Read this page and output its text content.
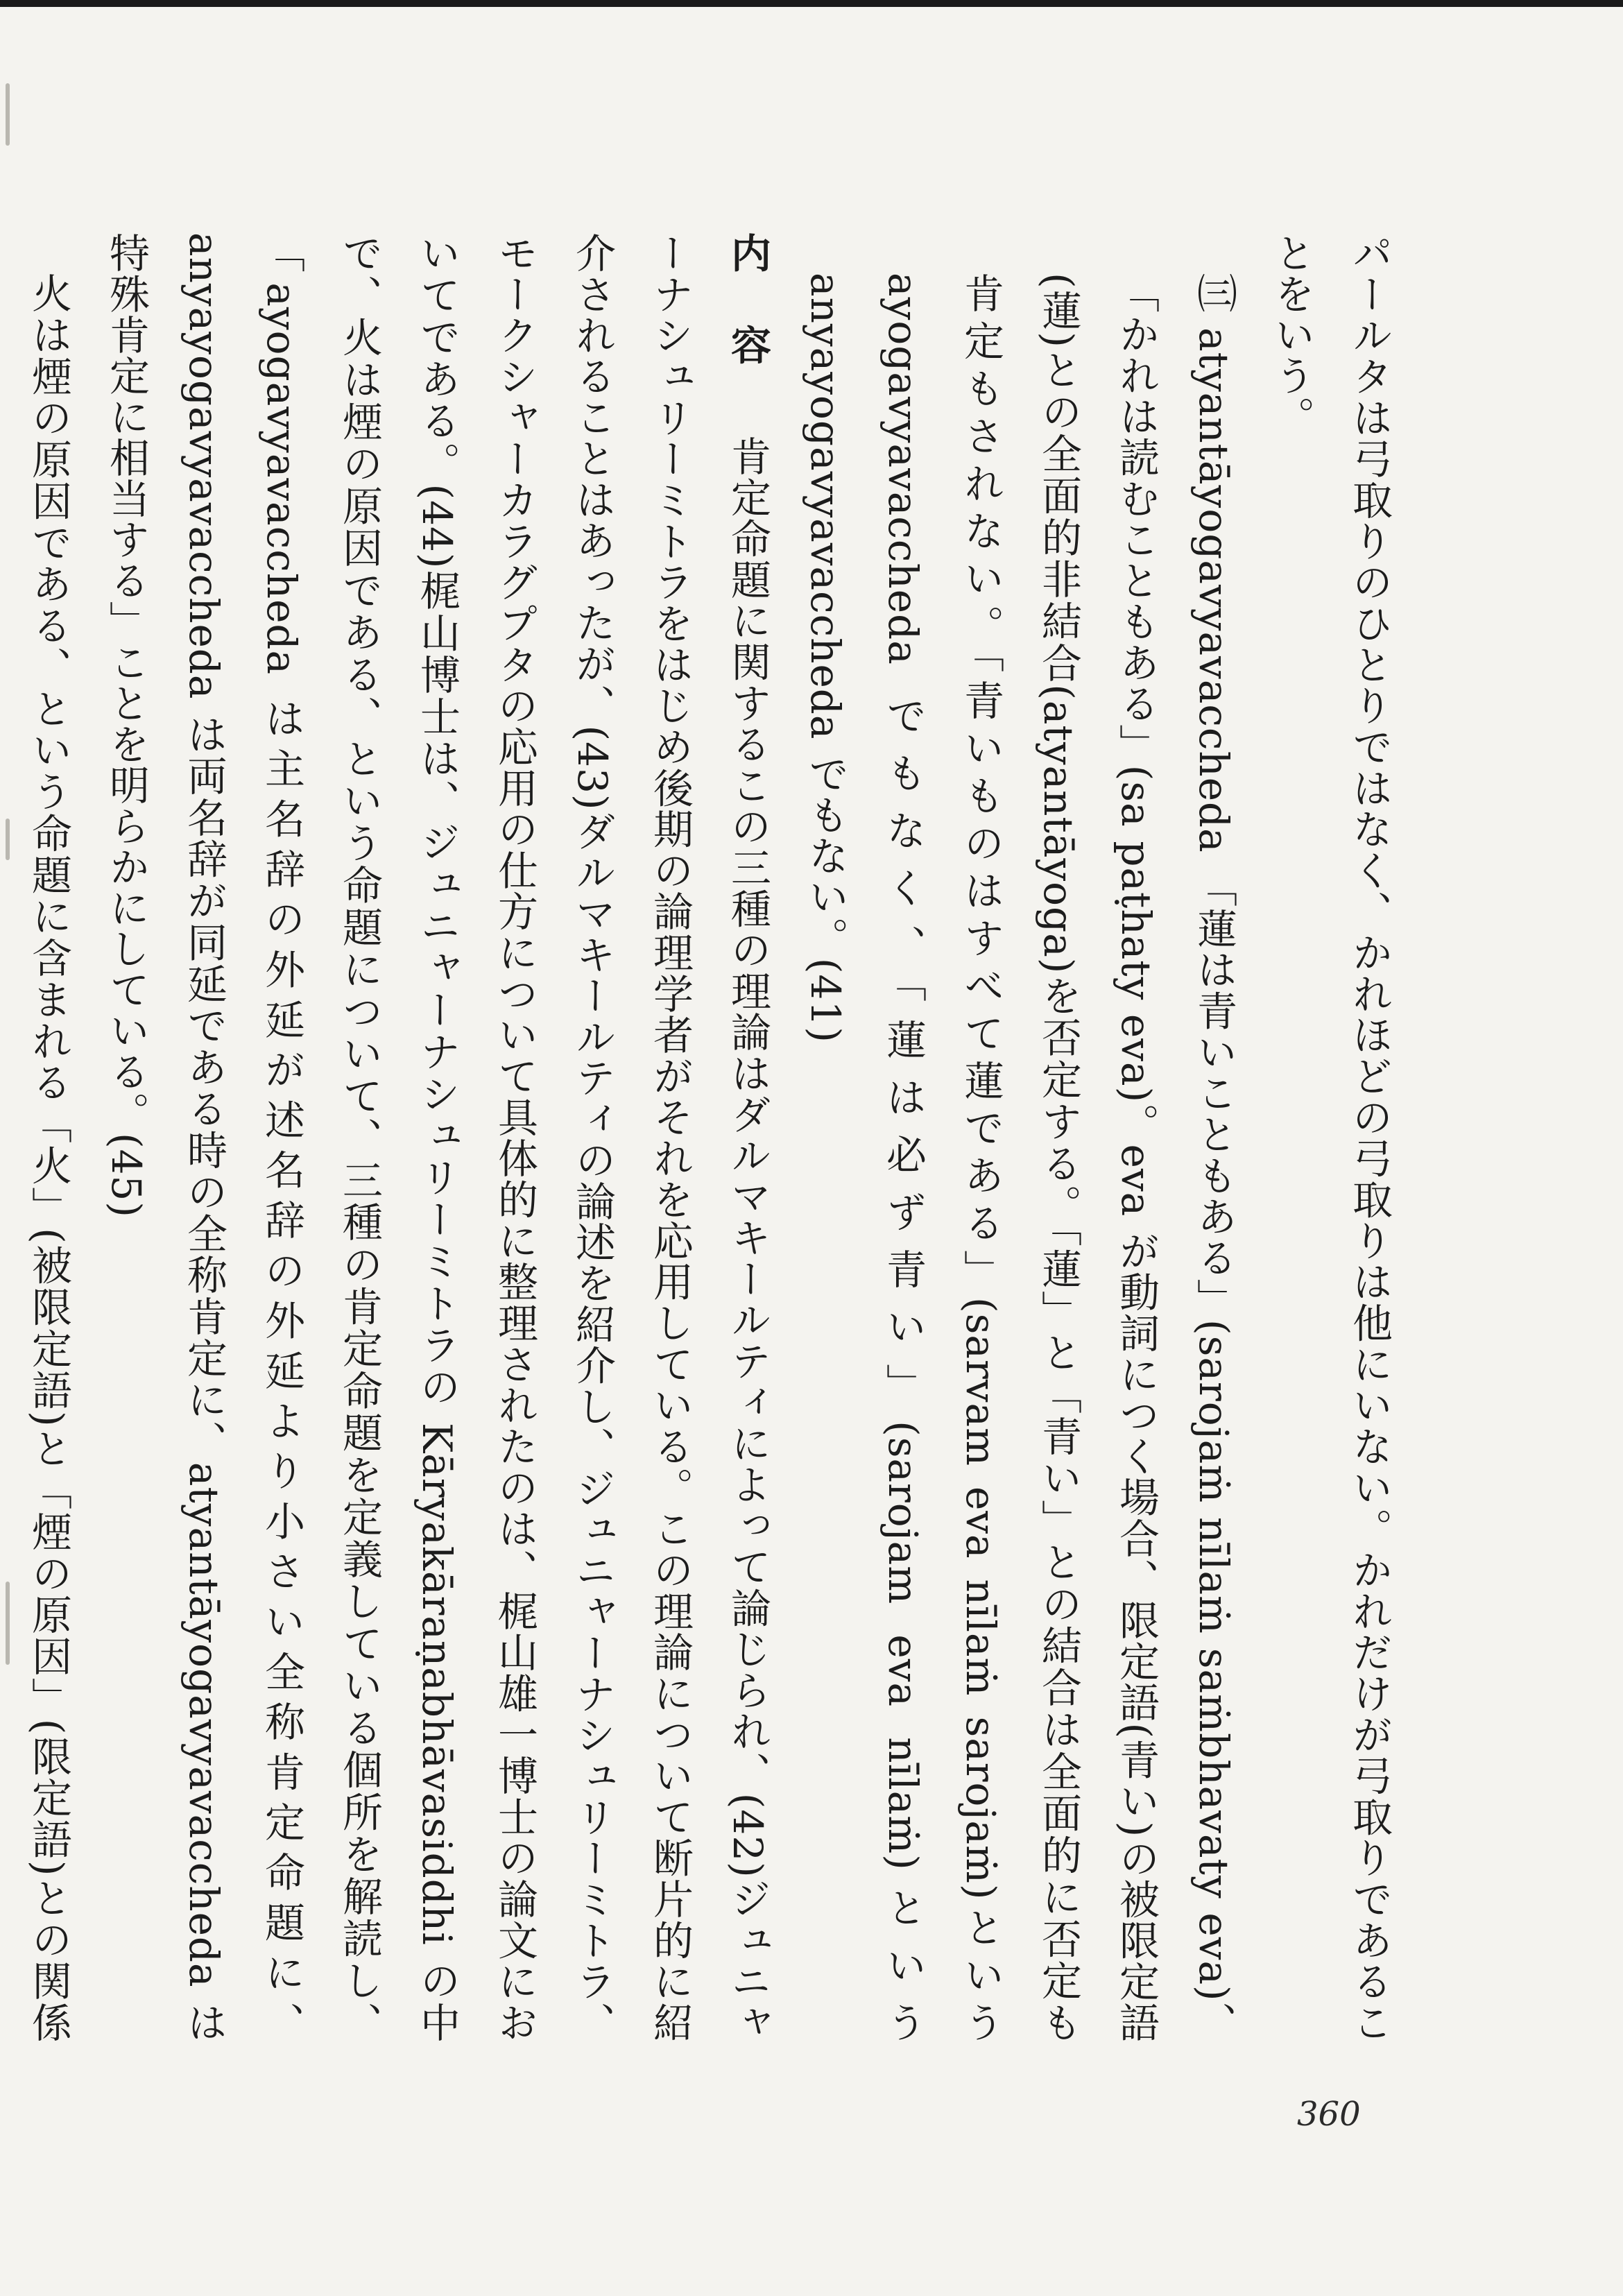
パールタは弓取りのひとりではなく、かれほどの弓取りは他にいない。かれだけが弓取りであることをいう。

㈢ atyantāyogavyavaccheda 「蓮は青いこともある」(sarojaṁ nīlaṁ saṁbhavaty eva)、「かれは読むこともある」(sa paṭhaty eva)。eva が動詞につく場合、限定語(青い)の被限定語(蓮)との全面的非結合(atyantāyoga)を否定する。「蓮」と「青い」との結合は全面的に否定も肯定もされない。「青いものはすべて蓮である」(sarvam eva nīlaṁ sarojaṁ)という ayogavyavaccheda でもなく、「蓮は必ず青い」(sarojam eva nīlaṁ)という anyayogavyavaccheda でもない。(41)

内　容　肯定命題に関するこの三種の理論はダルマキールティによって論じられ、(42)ジュニャーナシュリーミトラをはじめ後期の論理学者がそれを応用している。この理論について断片的に紹介されることはあったが、(43)ダルマキールティの論述を紹介し、ジュニャーナシュリーミトラ、モークシャーカラグプタの応用の仕方について具体的に整理されたのは、梶山雄一博士の論文においてである。(44)梶山博士は、ジュニャーナシュリーミトラの Kāryakāraṇabhāvasiddhi の中で、火は煙の原因である、という命題について、三種の肯定命題を定義している個所を解読し、「ayogavyavaccheda は主名辞の外延が述名辞の外延より小さい全称肯定命題に、anyayogavyavaccheda は両名辞が同延である時の全称肯定に、atyantāyogavyavaccheda は特殊肯定に相当する」ことを明らかにしている。(45)

火は煙の原因である、という命題に含まれる「火」(被限定語)と「煙の原因」(限定語)との関係

360
